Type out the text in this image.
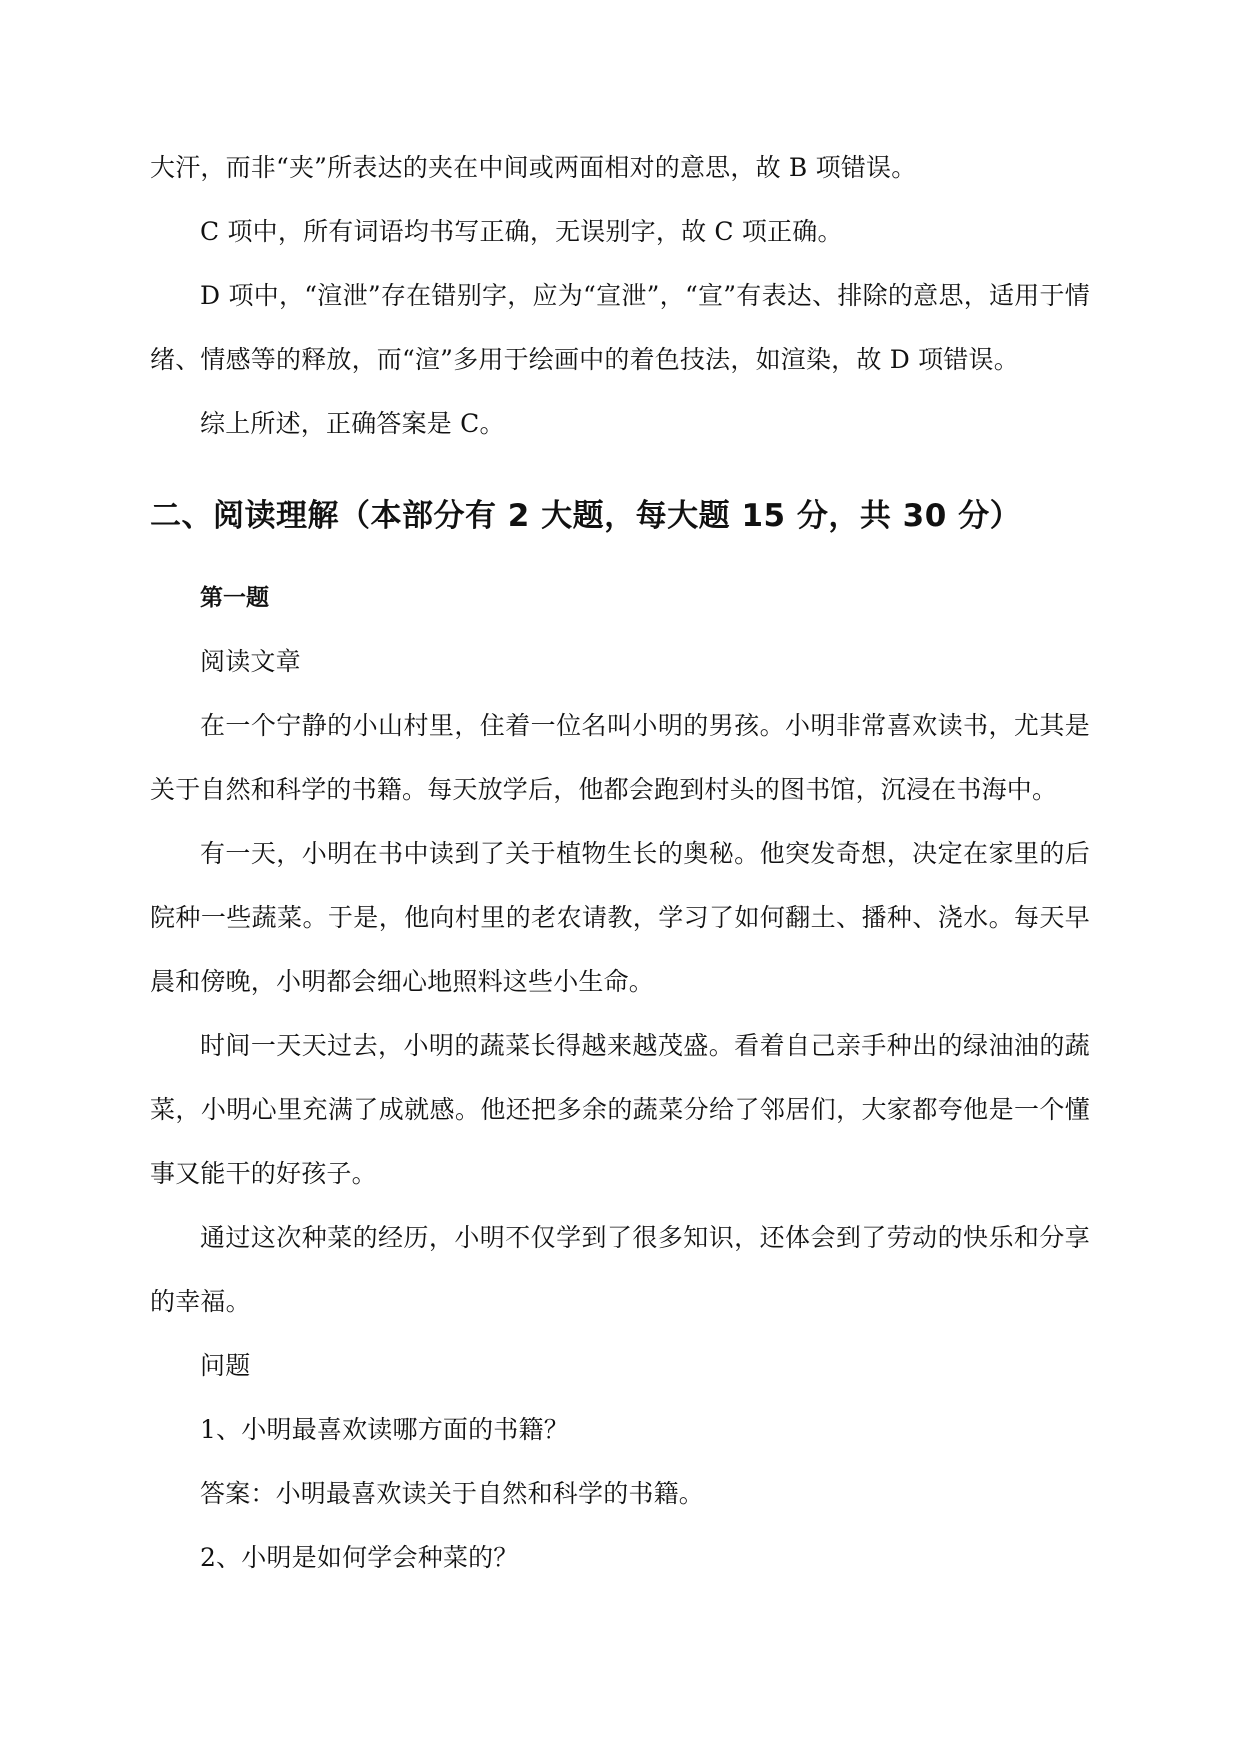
大汗，而非“夹”所表达的夹在中间或两面相对的意思，故 B 项错误。

C 项中，所有词语均书写正确，无误别字，故 C 项正确。

D 项中，“渲泄”存在错别字，应为“宣泄”，“宣”有表达、排除的意思，适用于情绪、情感等的释放，而“渲”多用于绘画中的着色技法，如渲染，故 D 项错误。

综上所述，正确答案是 C。

二、阅读理解（本部分有 2 大题，每大题 15 分，共 30 分）

第一题

阅读文章

在一个宁静的小山村里，住着一位名叫小明的男孩。小明非常喜欢读书，尤其是关于自然和科学的书籍。每天放学后，他都会跑到村头的图书馆，沉浸在书海中。

有一天，小明在书中读到了关于植物生长的奥秘。他突发奇想，决定在家里的后院种一些蔬菜。于是，他向村里的老农请教，学习了如何翻土、播种、浇水。每天早晨和傍晚，小明都会细心地照料这些小生命。

时间一天天过去，小明的蔬菜长得越来越茂盛。看着自己亲手种出的绿油油的蔬菜，小明心里充满了成就感。他还把多余的蔬菜分给了邻居们，大家都夸他是一个懂事又能干的好孩子。

通过这次种菜的经历，小明不仅学到了很多知识，还体会到了劳动的快乐和分享的幸福。

问题

1、小明最喜欢读哪方面的书籍？

答案：小明最喜欢读关于自然和科学的书籍。

2、小明是如何学会种菜的？
